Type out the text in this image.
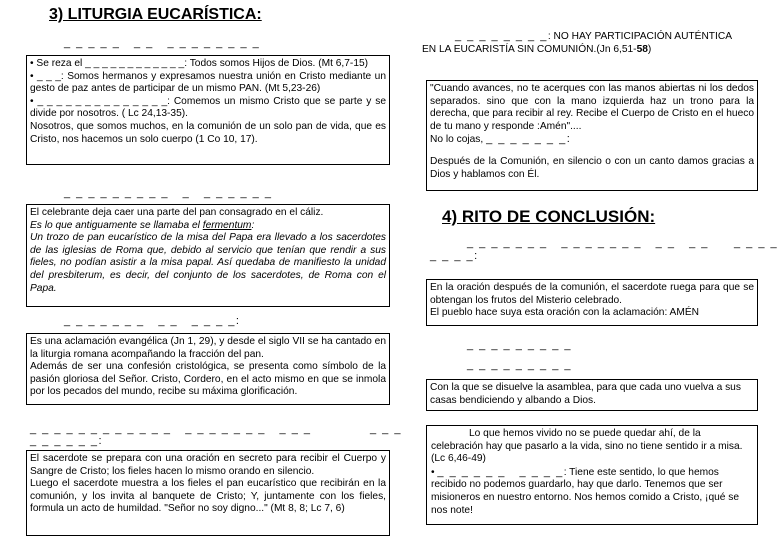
3) LITURGIA EUCARÍSTICA:
_ _ _ _ _   _ _   _ _ _ _ _ _ _ _

• Se reza el _ _ _ _ _ _ _ _ _ _ _ _: Todos somos Hijos de Dios. (Mt 6,7-15)

• _ _ _: Somos hermanos y expresamos nuestra unión en Cristo mediante un gesto de paz antes de participar de un mismo PAN. (Mt 5,23-26)

• _ _ _ _ _ _ _ _ _ _ _ _ _ _: Comemos un mismo Cristo que se parte y se divide por nosotros. ( Lc 24,13-35).

Nosotros, que somos muchos, en la comunión de un solo pan de vida, que es Cristo, nos hacemos un solo cuerpo (1 Co 10, 17).

_ _ _ _ _ _ _ _ _   _   _ _ _ _ _ _

El celebrante deja caer una parte del pan consagrado en el cáliz.

Es lo que antiguamente se llamaba el fermentum:

Un trozo de pan eucarístico de la misa del Papa era llevado a los sacerdotes de las iglesias de Roma que, debido al servicio que tenían que rendir a sus fieles, no podían asistir a la misa papal. Así quedaba de manifiesto la unidad del presbiterum, es decir, del conjunto de los sacerdotes, de Roma con el Papa.

_ _ _ _ _ _ _   _ _   _ _ _ _:

Es una aclamación evangélica (Jn 1, 29), y desde el siglo VII se ha cantado en la liturgia romana acompañando la fracción del pan.

Además de ser una confesión cristológica, se presenta como símbolo de la pasión gloriosa del Señor. Cristo, Cordero, en el acto mismo en que se inmola por los pecados del mundo, recibe su máxima glorificación.

_ _ _ _ _ _ _ _ _ _ _ _   _ _ _ _ _ _ _   _ _ _	_ _ _
_ _ _ _ _ _:

El sacerdote se prepara con una oración en secreto para recibir el Cuerpo y Sangre de Cristo; los fieles hacen lo mismo orando en silencio.

Luego el sacerdote muestra a los fieles el pan eucarístico que recibirán en la comunión, y los invita al banquete de Cristo; Y, juntamente con los fieles, formula un acto de humildad. "Señor no soy digno..." (Mt 8, 8; Lc 7, 6)

_ _ _ _ _ _ _ _: NO HAY PARTICIPACIÓN AUTÉNTICA
EN LA EUCARISTÍA SIN COMUNIÓN.(Jn 6,51-58)

"Cuando avances, no te acerques con las manos abiertas ni los dedos separados. sino que con la mano izquierda haz un trono para la derecha, que para recibir al rey. Recibe el Cuerpo de Cristo en el hueco de tu mano y responde :Amén"....

No lo cojas, _ _ _ _ _ _ _:

Después de la Comunión, en silencio o con un canto damos gracias a Dios y hablamos con Él.

4) RITO DE CONCLUSIÓN:
_ _ _ _ _ _ _   _ _ _ _ _ _ _   _ _   _ _ _ _ _ _
_ _ _ _:

En la oración después de la comunión, el sacerdote ruega para que se obtengan los frutos del Misterio celebrado.

El pueblo hace suya esta oración con la aclamación: AMÉN

_ _ _ _ _ _ _ _ _
_ _ _ _ _ _ _ _ _

Con la que se disuelve la asamblea, para que cada uno vuelva a sus casas bendiciendo y albando a Dios.

Lo que hemos vivido no se puede quedar ahí, de la celebración hay que pasarlo a la vida, sino no tiene sentido ir a misa. (Lc 6,46-49)

• _ _ _ _ _ _   _ _ _ _: Tiene este sentido, lo que hemos recibido no podemos guardarlo, hay que darlo. Tenemos que ser misioneros en nuestro entorno. Nos hemos comido a Cristo, ¡qué se nos note!
